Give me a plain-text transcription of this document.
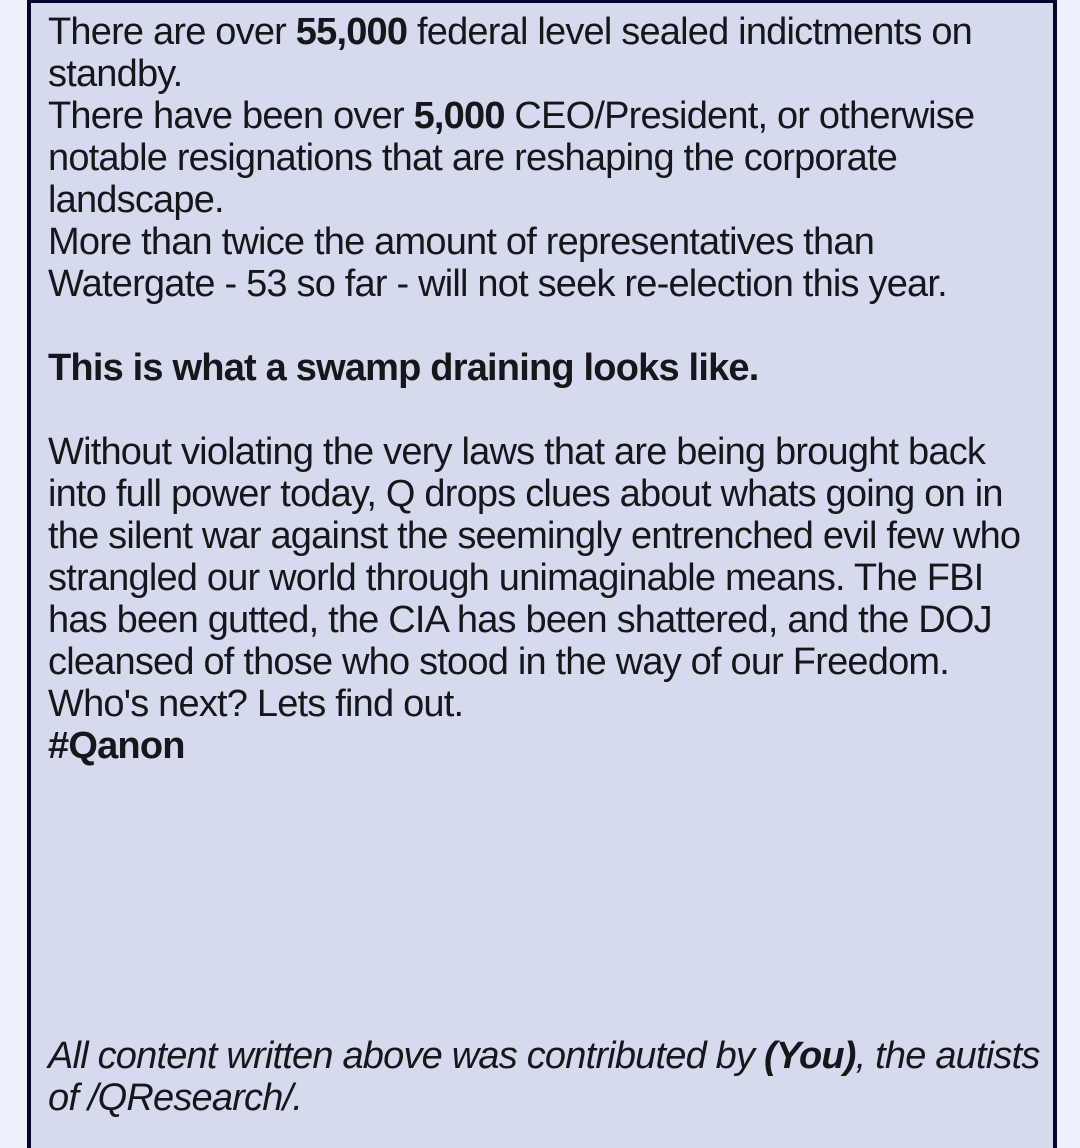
There are over 55,000 federal level sealed indictments on
standby.
There have been over 5,000 CEO/President, or otherwise
notable resignations that are reshaping the corporate
landscape.
More than twice the amount of representatives than
Watergate - 53 so far - will not seek re-election this year.
This is what a swamp draining looks like.
Without violating the very laws that are being brought back
into full power today, Q drops clues about whats going on in
the silent war against the seemingly entrenched evil few who
strangled our world through unimaginable means. The FBI
has been gutted, the CIA has been shattered, and the DOJ
cleansed of those who stood in the way of our Freedom.
Who's next? Lets find out.
#Qanon
All content written above was contributed by (You), the autists
of /QResearch/.
